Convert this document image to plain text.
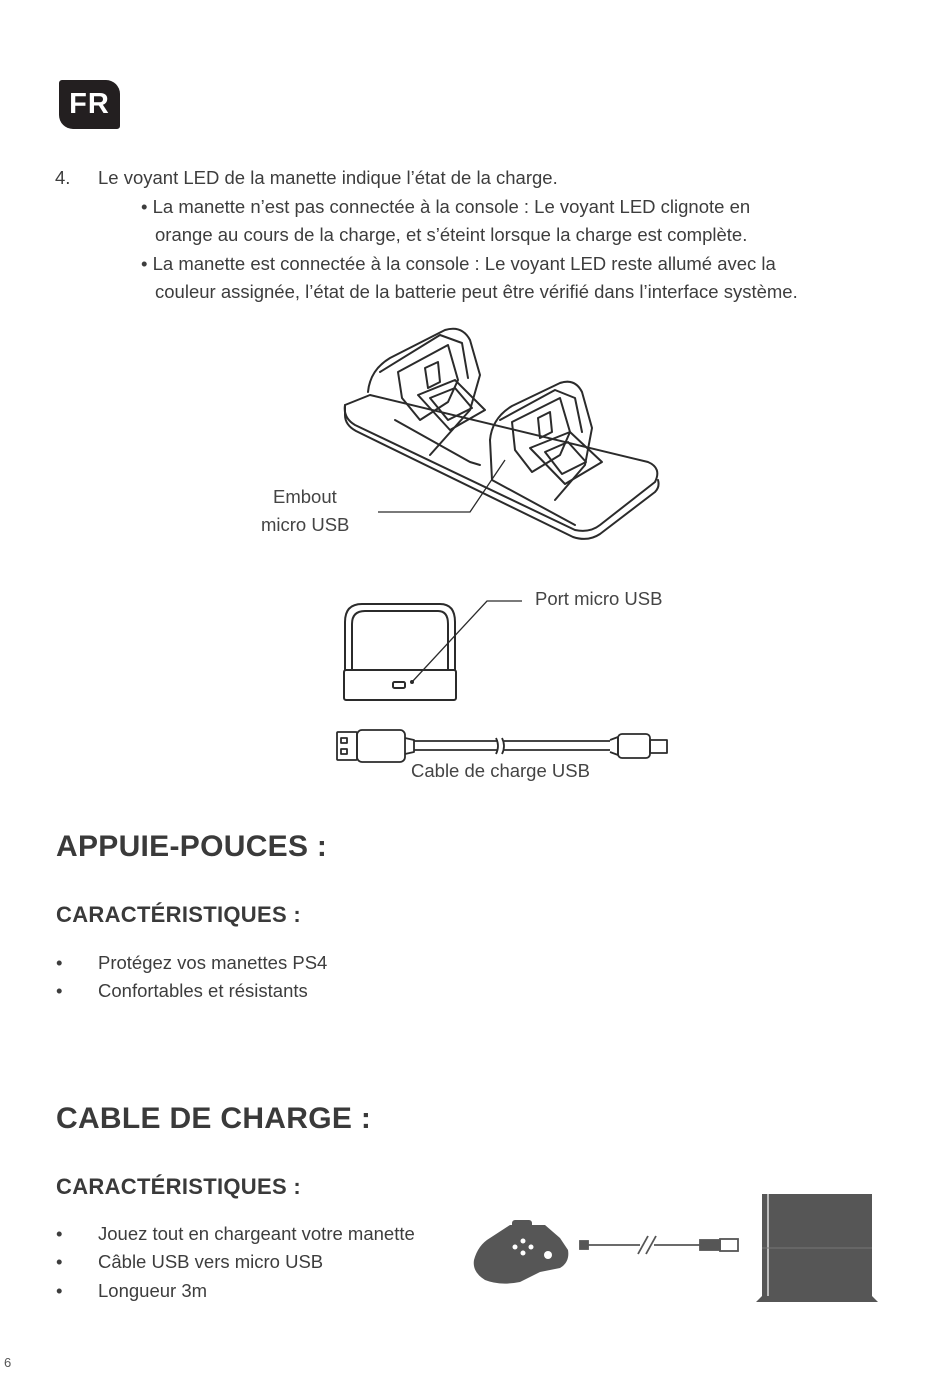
FR
4. Le voyant LED de la manette indique l’état de la charge.
• La manette n’est pas connectée à la console : Le voyant LED clignote en
orange au cours de la charge, et s’éteint lorsque la charge est complète.
• La manette est connectée à la console : Le voyant LED reste allumé avec la
couleur assignée, l’état de la batterie peut être vérifié dans l’interface système.
Embout
micro USB
Port micro USB
Cable de charge USB
APPUIE-POUCES :
CARACTÉRISTIQUES :
• Protégez vos manettes PS4
• Confortables et résistants
CABLE DE CHARGE :
CARACTÉRISTIQUES :
• Jouez tout en chargeant votre manette
• Câble USB vers micro USB
• Longueur 3m
6
